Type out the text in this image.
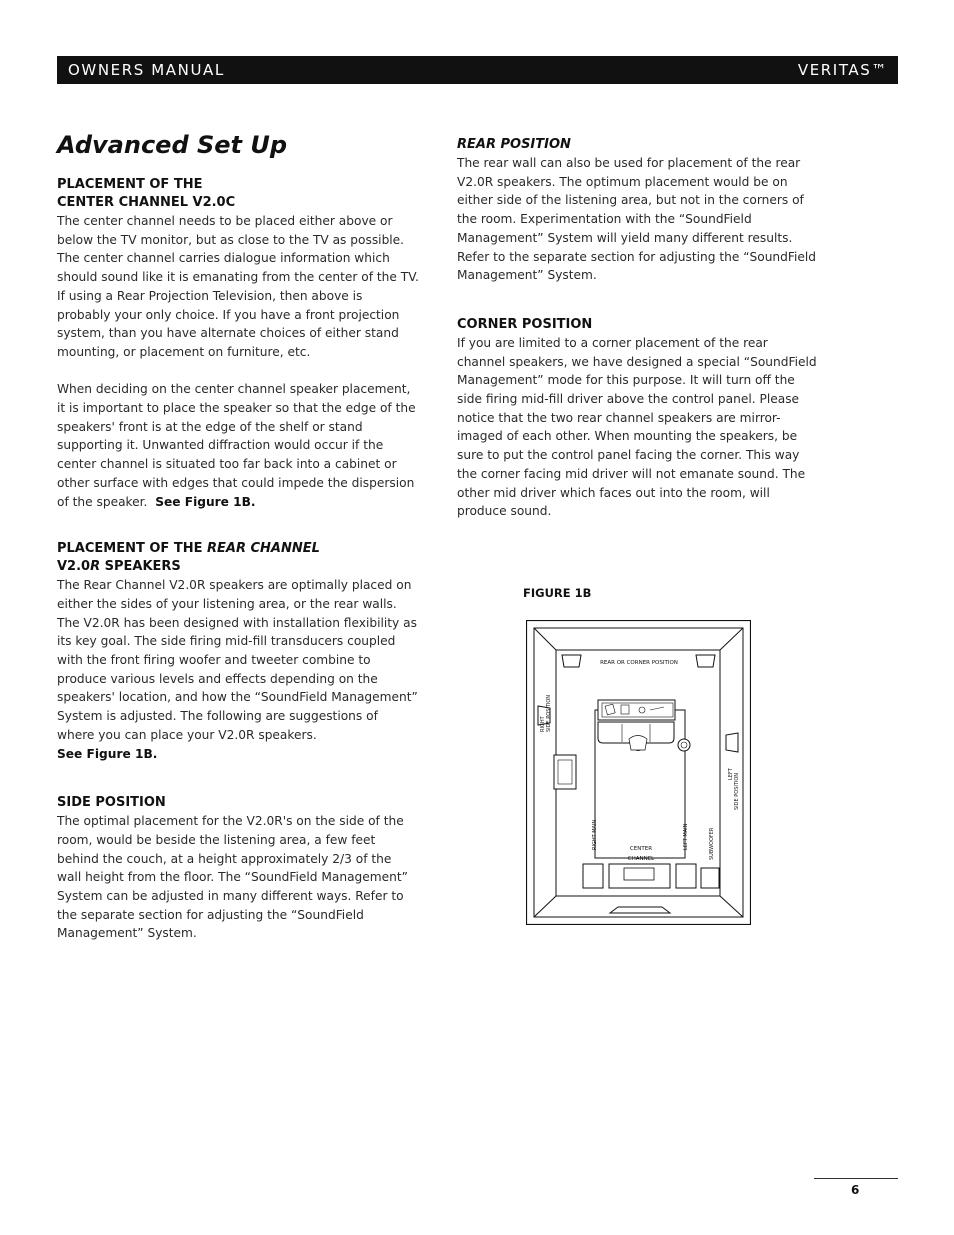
OWNERS MANUAL	VERITAS™
Advanced Set Up
PLACEMENT OF THE
CENTER CHANNEL V2.0C

The center channel needs to be placed either above or below the TV monitor, but as close to the TV as possible. The center channel carries dialogue information which should sound like it is emanating from the center of the TV. If using a Rear Projection Television, then above is probably your only choice. If you have a front projection system, than you have alternate choices of either stand mounting, or placement on furniture, etc.

When deciding on the center channel speaker placement, it is important to place the speaker so that the edge of the speakers' front is at the edge of the shelf or stand supporting it. Unwanted diffraction would occur if the center channel is situated too far back into a cabinet or other surface with edges that could impede the dispersion of the speaker. See Figure 1B.

PLACEMENT OF THE REAR CHANNEL
V2.0R SPEAKERS

The Rear Channel V2.0R speakers are optimally placed on either the sides of your listening area, or the rear walls. The V2.0R has been designed with installation flexibility as its key goal. The side firing mid-fill transducers coupled with the front firing woofer and tweeter combine to produce various levels and effects depending on the speakers' location, and how the “SoundField Management” System is adjusted. The following are suggestions of where you can place your V2.0R speakers.
See Figure 1B.

SIDE POSITION

The optimal placement for the V2.0R's on the side of the room, would be beside the listening area, a few feet behind the couch, at a height approximately 2/3 of the wall height from the floor. The “SoundField Management” System can be adjusted in many different ways. Refer to the separate section for adjusting the “SoundField Management” System.

REAR POSITION

The rear wall can also be used for placement of the rear V2.0R speakers. The optimum placement would be on either side of the listening area, but not in the corners of the room. Experimentation with the “SoundField Management” System will yield many different results. Refer to the separate section for adjusting the “SoundField Management” System.

CORNER POSITION

If you are limited to a corner placement of the rear channel speakers, we have designed a special “SoundField Management” mode for this purpose. It will turn off the side firing mid-fill driver above the control panel. Please notice that the two rear channel speakers are mirror-imaged of each other. When mounting the speakers, be sure to put the control panel facing the corner. This way the corner facing mid driver will not emanate sound. The other mid driver which faces out into the room, will produce sound.

FIGURE 1B
REAR OR CORNER POSITION
RIGHT SIDE POSITION
LEFT SIDE POSITION
RIGHT MAIN	LEFT MAIN	SUBWOOFER
CENTER
CHANNEL
6
